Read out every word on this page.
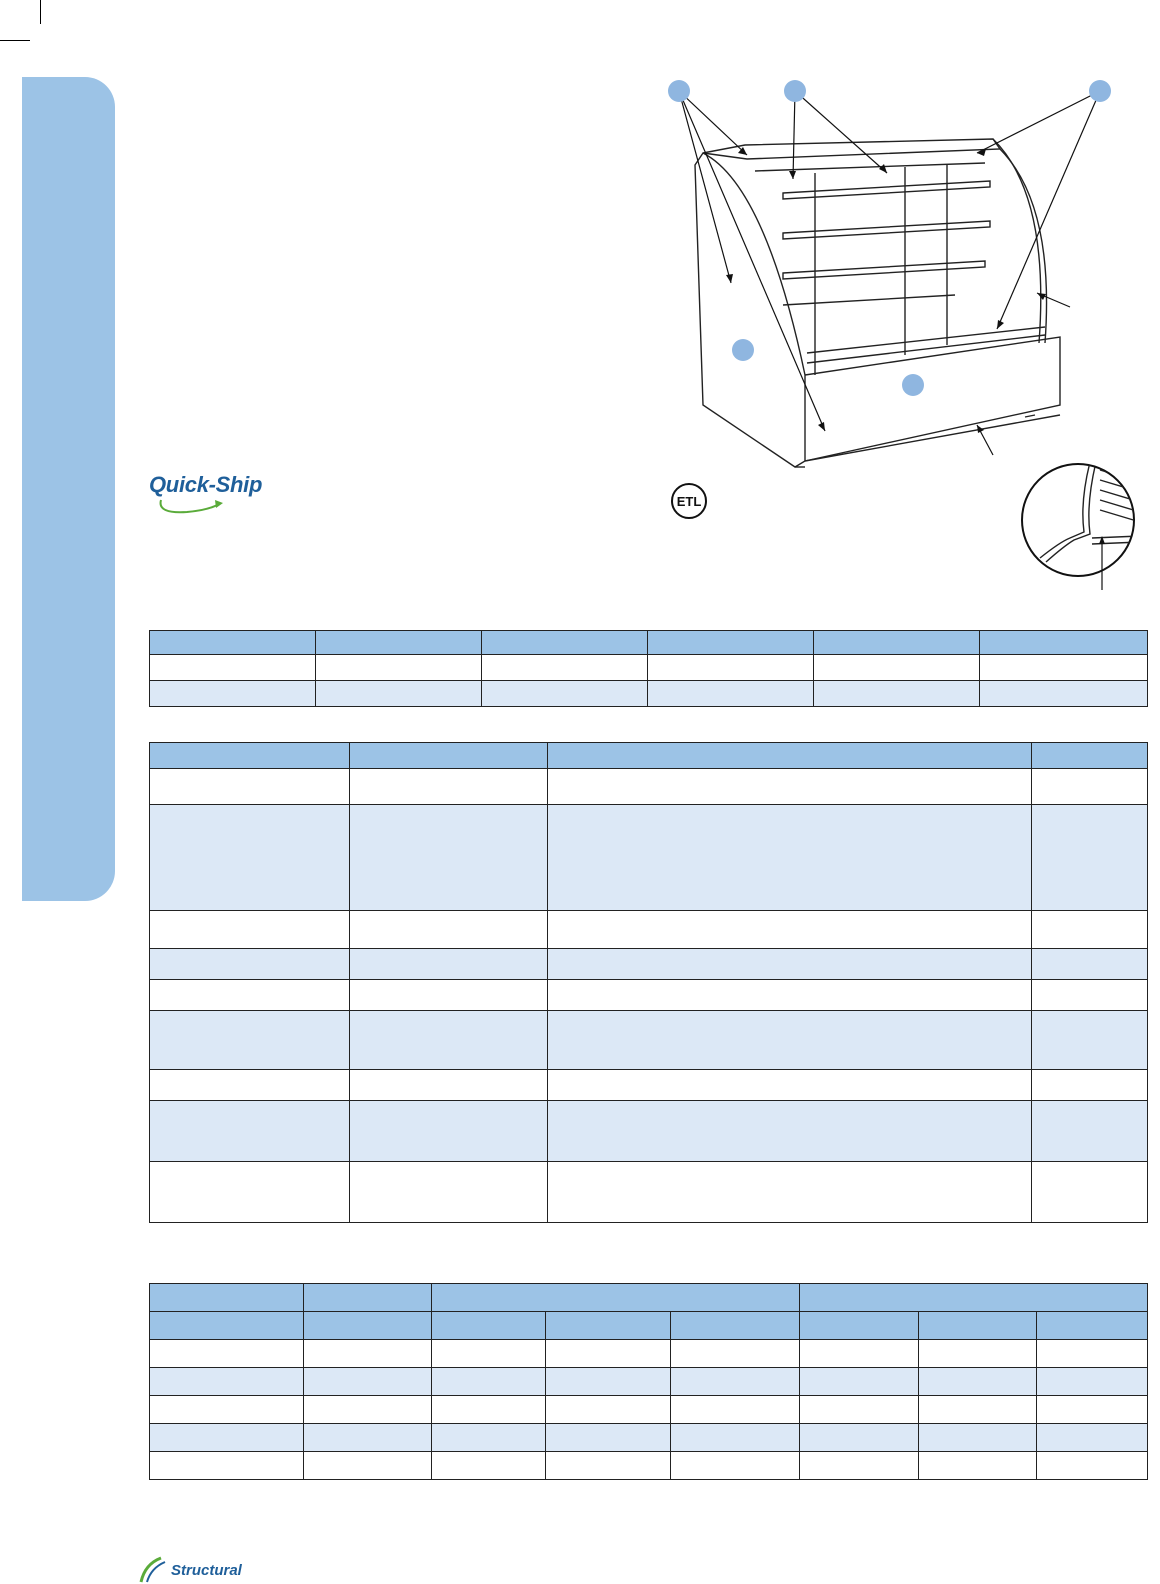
Quick-Ship
ETL

Structural
